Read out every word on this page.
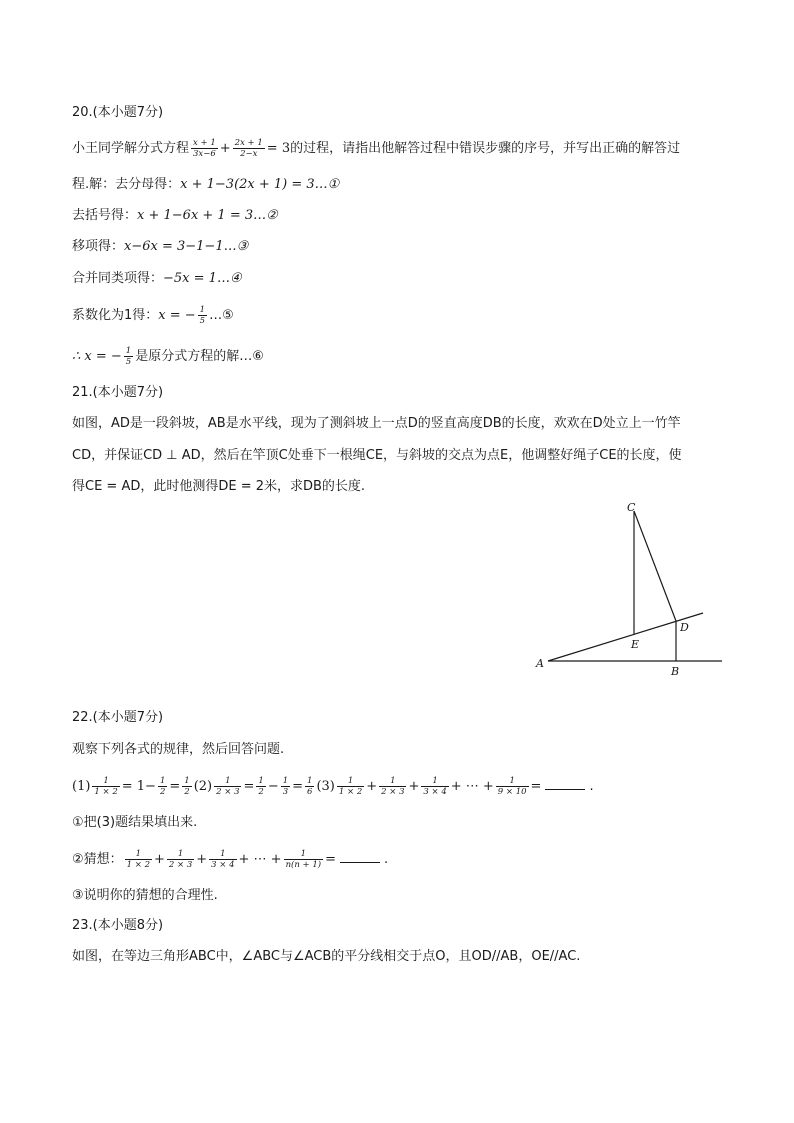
20.(本小题7分)
小王同学解分式方程 $\frac{x + 1}{3x-6} + \frac{2x + 1}{2-x} = 3$的过程，请指出他解答过程中错误步骤的序号，并写出正确的解答过
程.解：去分母得：x + 1−3(2x + 1) = 3…①
去括号得：x + 1−6x + 1 = 3…②
移项得：x−6x = 3−1−1…③
合并同类项得：−5x = 1…④
系数化为1得：x = − $\frac{1}{5}$ …⑤
∴ x = − $\frac{1}{5}$ 是原分式方程的解…⑥
21.(本小题7分)
如图，AD是一段斜坡，AB是水平线，现为了测斜坡上一点D的竖直高度DB的长度，欢欢在D处立上一竹竿
CD，并保证CD ⊥ AD，然后在竿顶C处垂下一根绳CE，与斜坡的交点为点E，他调整好绳子CE的长度，使
得CE = AD，此时他测得DE = 2米，求DB的长度.
C
D
E
A
B
22.(本小题7分)
观察下列各式的规律，然后回答问题.
$(1) \frac{1}{1 \times 2} = 1- \frac{1}{2} = \frac{1}{2} (2) \frac{1}{2 \times 3} = \frac{1}{2} - \frac{1}{3} = \frac{1}{6} (3) \frac{1}{1 \times 2} + \frac{1}{2 \times 3} + \frac{1}{3 \times 4}$ + ⋯ + $\frac{1}{9 \times 10}$ =	.
①把(3)题结果填出来.
②猜想： $\frac{1}{1 \times 2} + \frac{1}{2 \times 3} + \frac{1}{3 \times 4}$ + ⋯ + $\frac{1}{n(n + 1)}$ =	.
③说明你的猜想的合理性.
23.(本小题8分)
如图，在等边三角形ABC中，∠ABC与∠ACB的平分线相交于点O，且OD//AB，OE//AC.
